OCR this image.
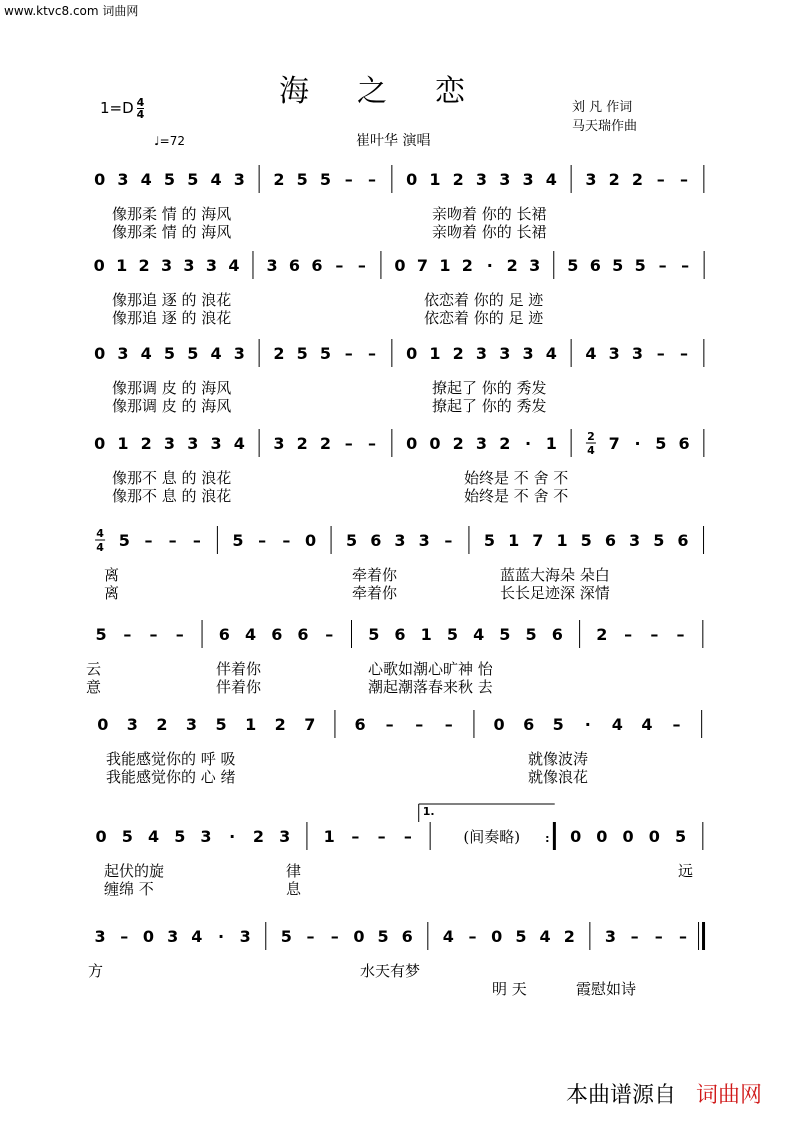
www.ktvc8.com 词曲网
海之恋
$1=D \frac{4}{4}$	刘 凡 作词
马天瑞作曲
♩=72	崔叶华 演唱
0 3 4 5 5 4 3 2 5 5 – – 0 1 2 3 3 3 4 3 2 2 – –
像那柔 情 的 海风	亲吻着 你的 长裙
像那柔 情 的 海风	亲吻着 你的 长裙
0 1 2 3 3 3 4 3 6 6 – – 0 7 1 2 · 2 3 5 6 5 5 – –
像那追 逐 的 浪花	依恋着 你的 足 迹
像那追 逐 的 浪花	依恋着 你的 足 迹
0 3 4 5 5 4 3 2 5 5 – – 0 1 2 3 3 3 4 4 3 3 – –
像那调 皮 的 海风	撩起了 你的 秀发
像那调 皮 的 海风	撩起了 你的 秀发
0 1 2 3 3 3 4 3 2 2 – – 0 0 2 3 2 · 1	2
4 7 · 5 6
像那不 息 的 浪花	始终是 不 舍 不
像那不 息 的 浪花	始终是 不 舍 不
4
4 5 – – – 5 – – 0 5 6 3 3 – 5 1 7 1 5 6 3 5 6
离	牵着你	蓝蓝大海朵 朵白
离	牵着你	长长足迹深 深情
5 – – – 6 4 6 6 – 5 6 1 5 4 5 5 6 2 – – –
云	伴着你	心歌如潮心旷神 怡
意	伴着你	潮起潮落春来秋 去
0 3 2 3 5 1 2 7 6 – – –	0 6 5 · 4 4 –
我能感觉你的 呼 吸	就像波涛
我能感觉你的 心 绪	就像浪花
0 5 4 5 3 · 2 3 1 – – –	(间奏略) : 0 0 0 0 5
1.
起伏的旋	律	远
缠绵 不	息
3 – 0 3 4 · 3 5 – – 0 5 6 4 – 0 5 4 2 3 – – –
方	水天有梦
明 天	霞慰如诗
本曲谱源自 词曲网
